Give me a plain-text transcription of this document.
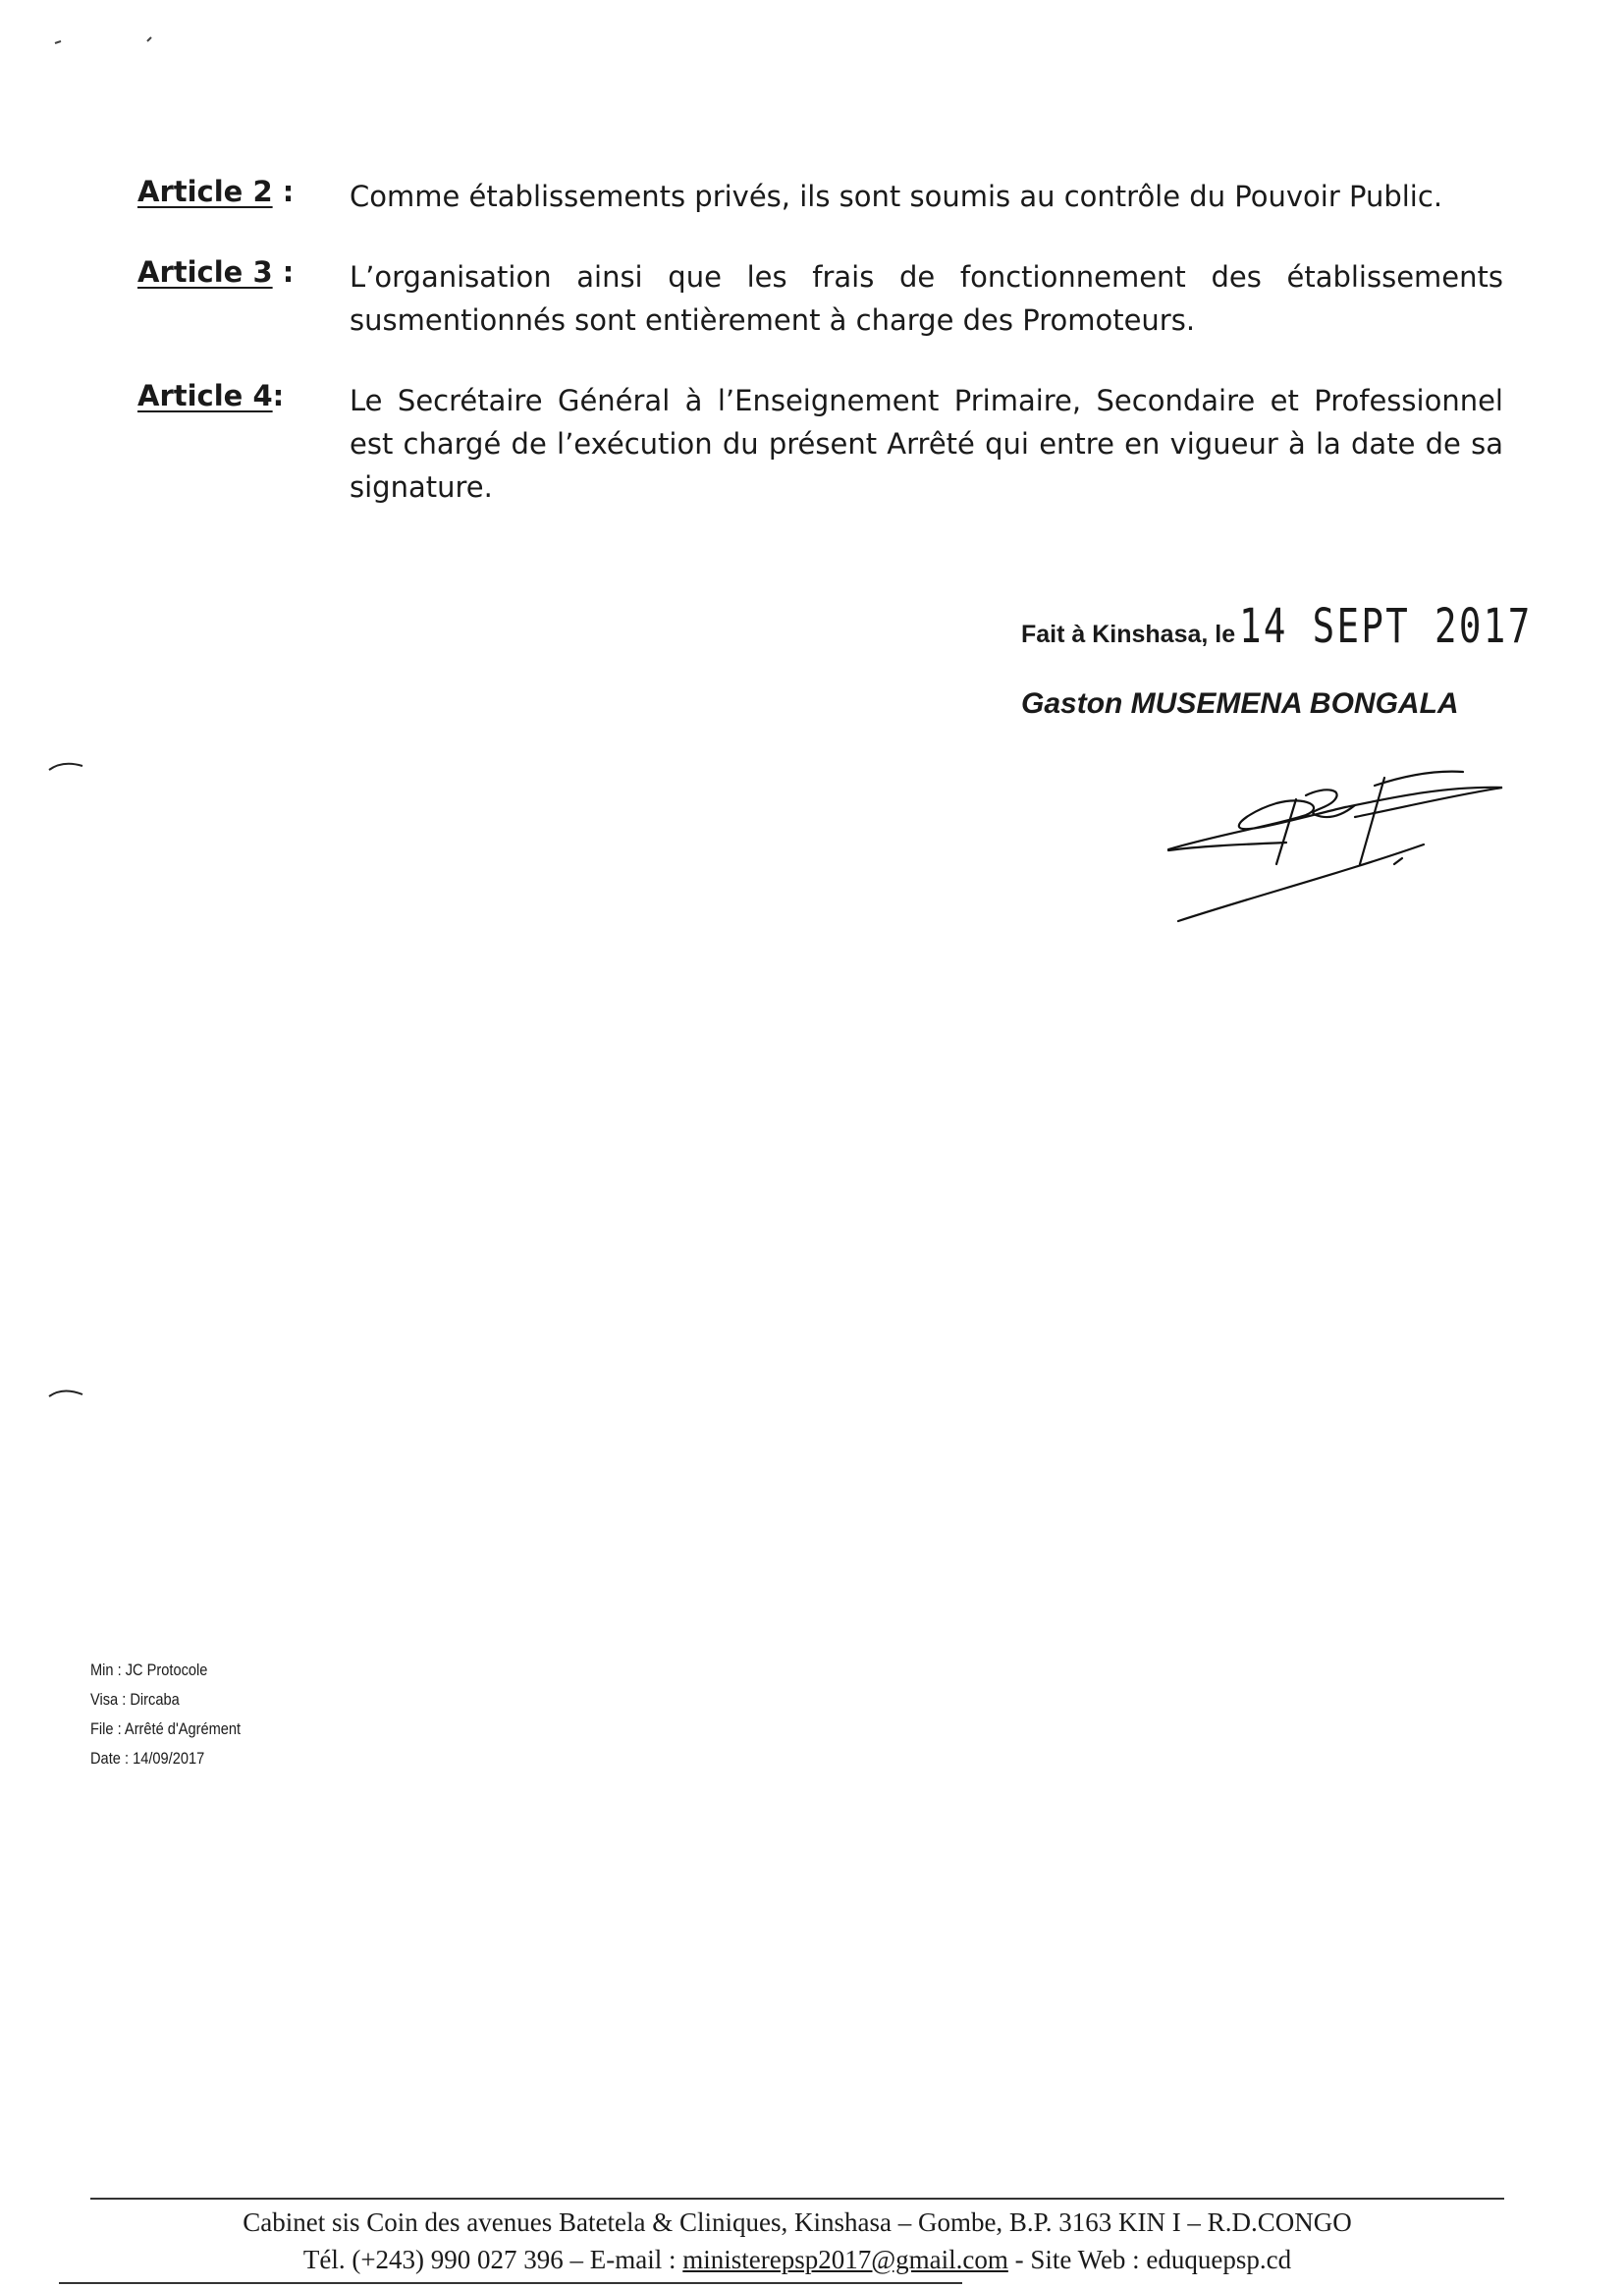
Article 2 :	Comme établissements privés, ils sont soumis au contrôle du Pouvoir Public.
Article 3 :	L’organisation ainsi que les frais de fonctionnement des établissements susmentionnés sont entièrement à charge des Promoteurs.
Article 4:	Le Secrétaire Général à l’Enseignement Primaire, Secondaire et Professionnel est chargé de l’exécution du présent Arrêté qui entre en vigueur à la date de sa signature.
Fait à Kinshasa, le 14 SEPT 2017
Gaston MUSEMENA BONGALA
Min : JC Protocole
Visa : Dircaba
File : Arrêté d'Agrément
Date : 14/09/2017
Cabinet sis Coin des avenues Batetela & Cliniques, Kinshasa – Gombe, B.P. 3163 KIN I – R.D.CONGO
Tél. (+243) 990 027 396 – E-mail : ministerepsp2017@gmail.com - Site Web : eduquepsp.cd
